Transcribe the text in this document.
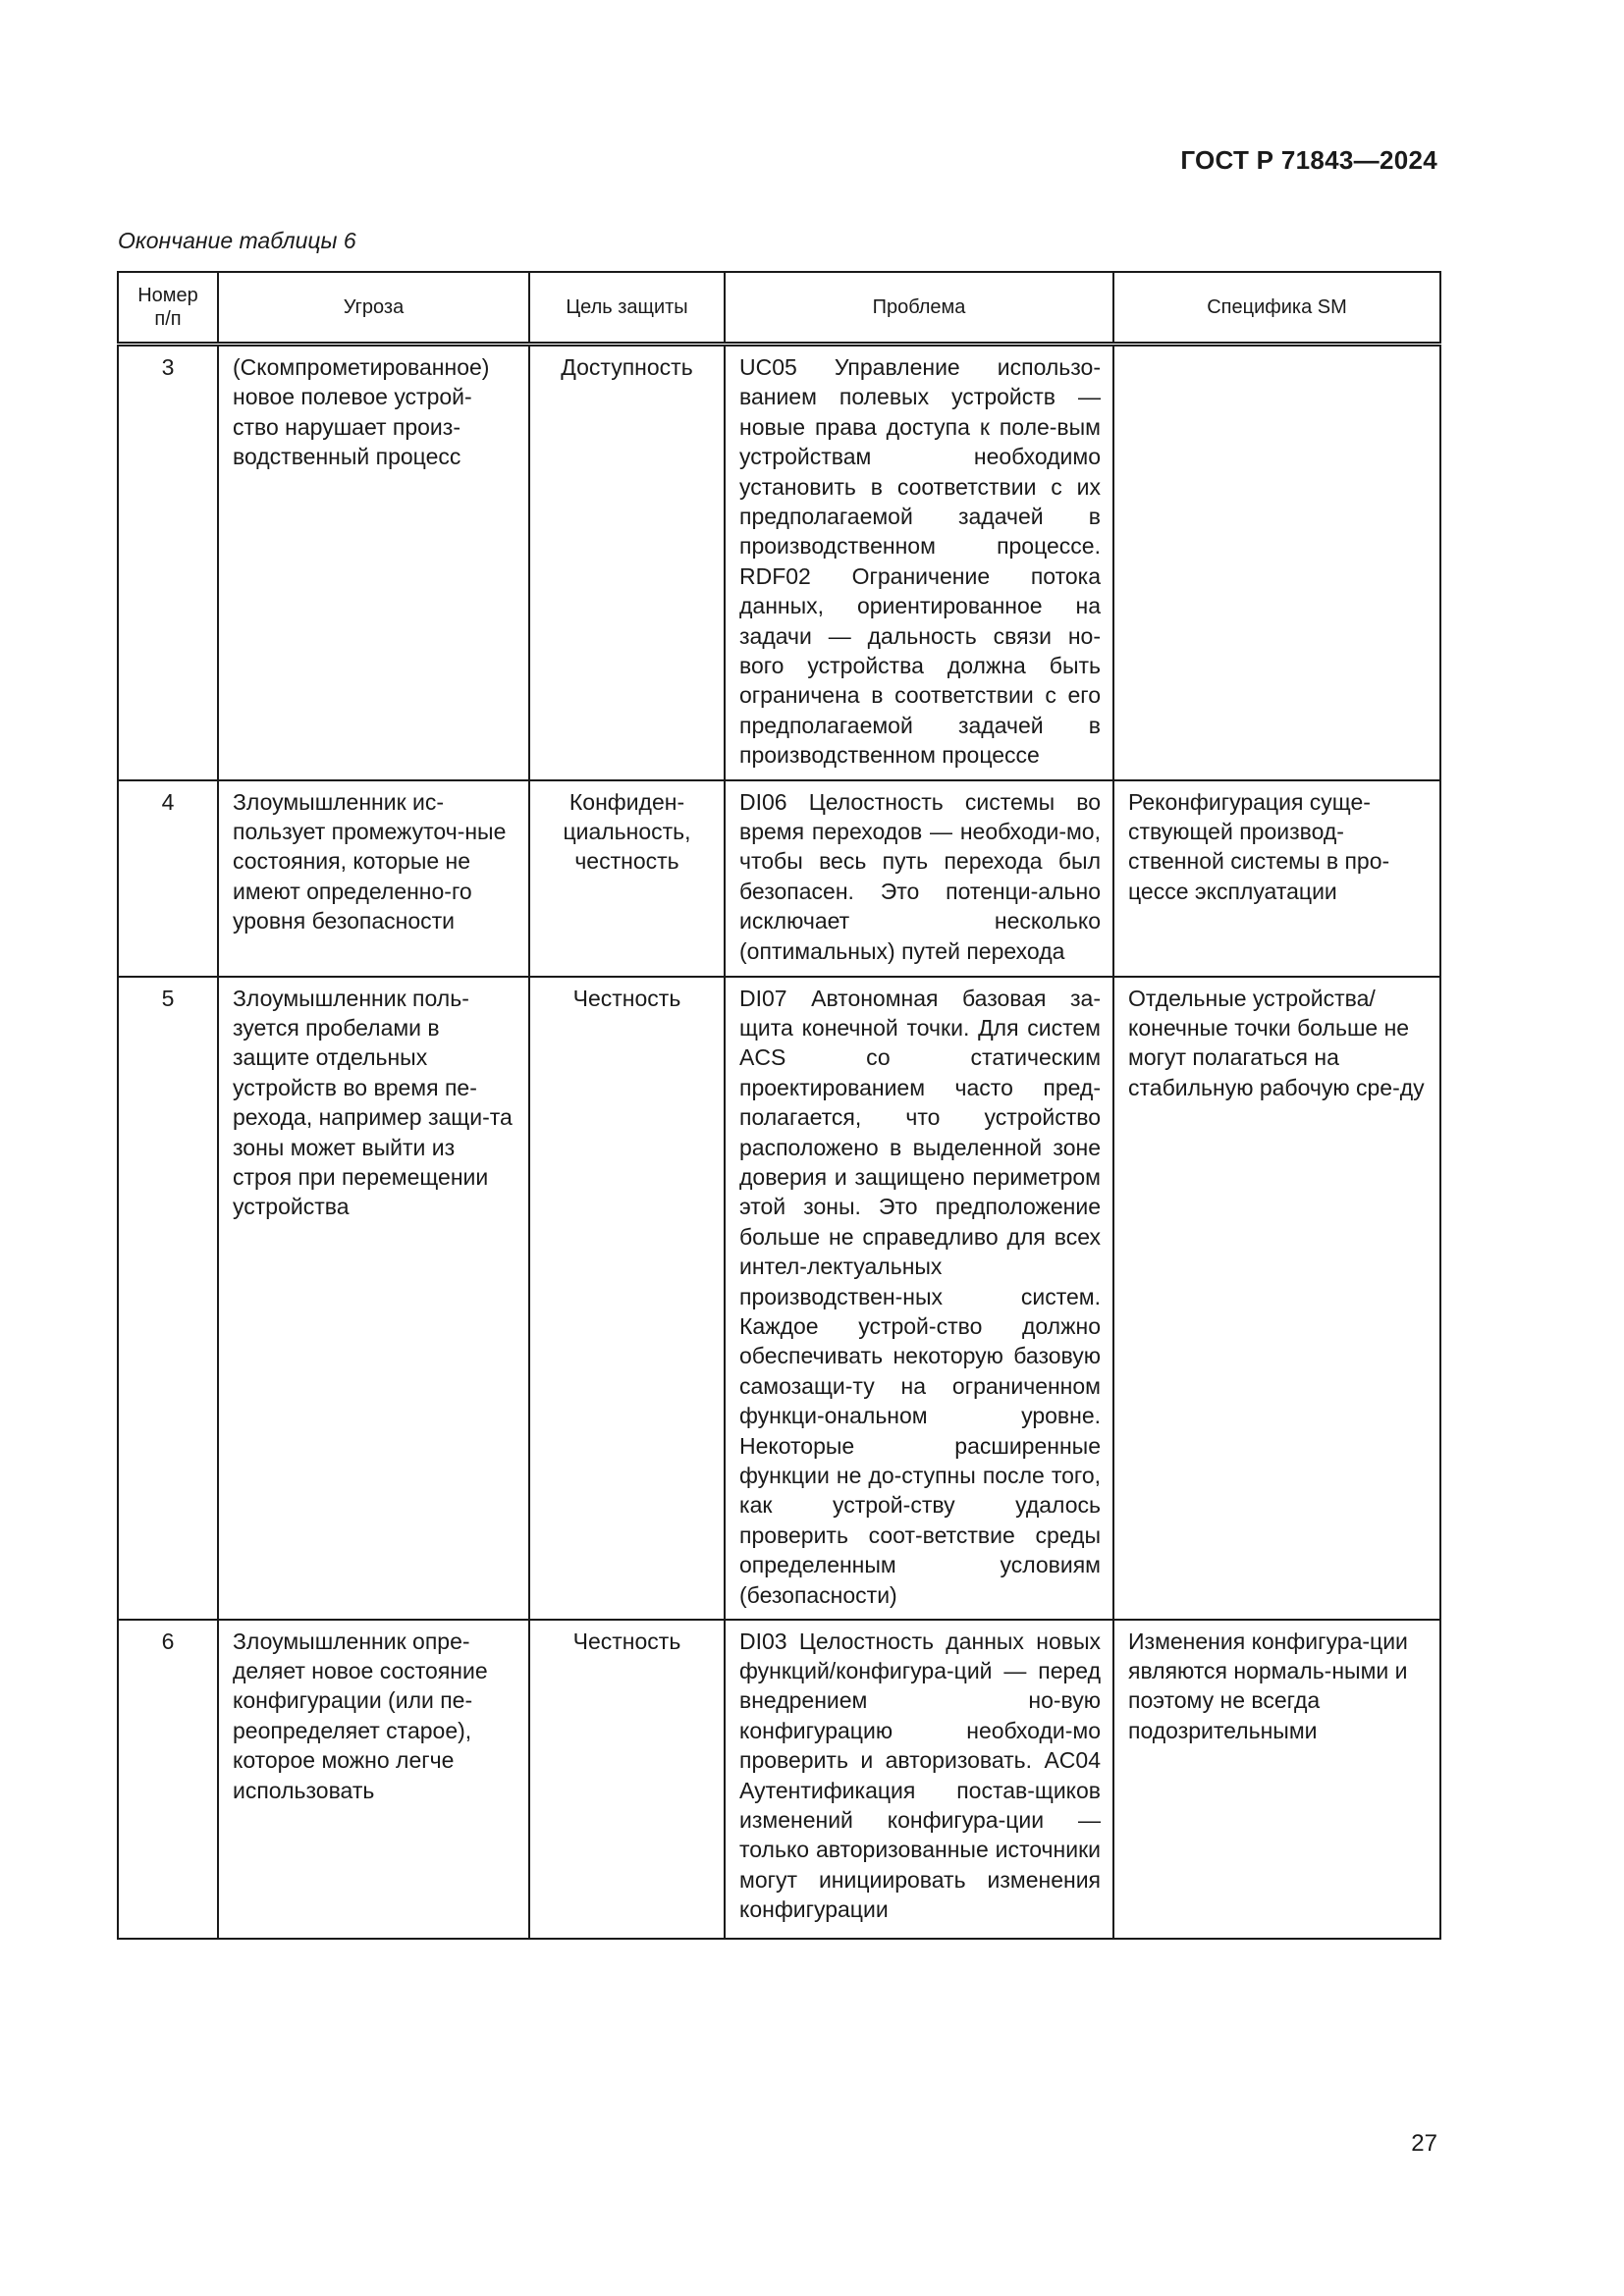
ГОСТ Р 71843—2024
Окончание таблицы 6
Номер п/п	Угроза	Цель защиты	Проблема	Специфика SM

3	(Скомпрометированное) новое полевое устрой-ство нарушает произ-водственный процесс	Доступность	UC05 Управление использо-ванием полевых устройств — новые права доступа к поле-вым устройствам необходимо установить в соответствии с их предполагаемой задачей в производственном процессе. RDF02 Ограничение потока данных, ориентированное на задачи — дальность связи но-вого устройства должна быть ограничена в соответствии с его предполагаемой задачей в производственном процессе	

4	Злоумышленник ис-пользует промежуточ-ные состояния, которые не имеют определенно-го уровня безопасности	Конфиден-циальность, честность	DI06 Целостность системы во время переходов — необходи-мо, чтобы весь путь перехода был безопасен. Это потенци-ально исключает несколько (оптимальных) путей перехода	Реконфигурация суще-ствующей производ-ственной системы в про-цессе эксплуатации

5	Злоумышленник поль-зуется пробелами в защите отдельных устройств во время пе-рехода, например защи-та зоны может выйти из строя при перемещении устройства	Честность	DI07 Автономная базовая за-щита конечной точки. Для систем ACS со статическим проектированием часто пред-полагается, что устройство расположено в выделенной зоне доверия и защищено периметром этой зоны. Это предположение больше не справедливо для всех интел-лектуальных производствен-ных систем. Каждое устрой-ство должно обеспечивать некоторую базовую самозащи-ту на ограниченном функци-ональном уровне. Некоторые расширенные функции не до-ступны после того, как устрой-ству удалось проверить соот-ветствие среды определенным условиям (безопасности)	Отдельные устройства/ конечные точки больше не могут полагаться на стабильную рабочую сре-ду

6	Злоумышленник опре-деляет новое состояние конфигурации (или пе-реопределяет старое), которое можно легче использовать	Честность	DI03 Целостность данных новых функций/конфигура-ций — перед внедрением но-вую конфигурацию необходи-мо проверить и авторизовать. AC04 Аутентификация постав-щиков изменений конфигура-ции — только авторизованные источники могут инициировать изменения конфигурации	Изменения конфигура-ции являются нормаль-ными и поэтому не всегда подозрительными
27
